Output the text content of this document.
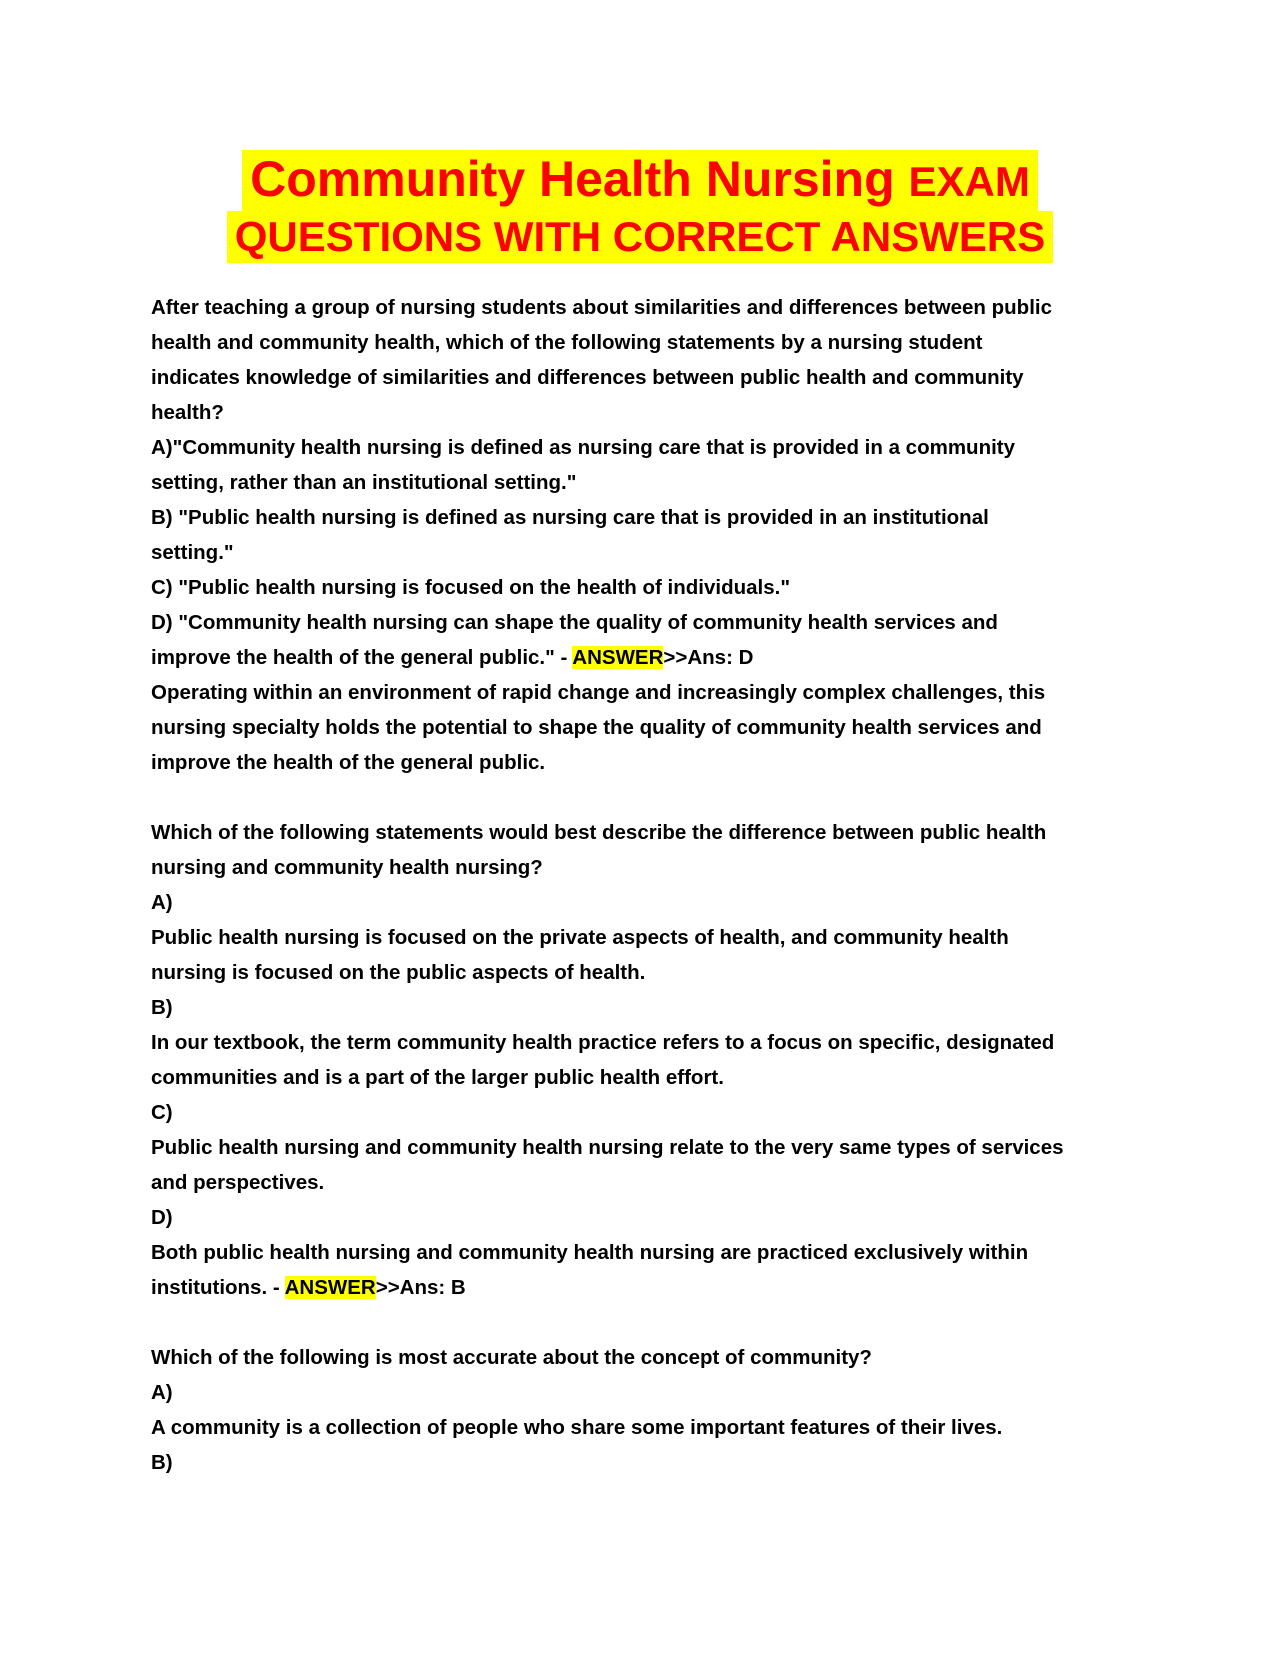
Community Health Nursing EXAM
QUESTIONS WITH CORRECT ANSWERS
After teaching a group of nursing students about similarities and differences between public
health and community health, which of the following statements by a nursing student
indicates knowledge of similarities and differences between public health and community
health?
A)"Community health nursing is defined as nursing care that is provided in a community
setting, rather than an institutional setting."
B) "Public health nursing is defined as nursing care that is provided in an institutional
setting."
C) "Public health nursing is focused on the health of individuals."
D) "Community health nursing can shape the quality of community health services and
improve the health of the general public." - ANSWER>>Ans: D
Operating within an environment of rapid change and increasingly complex challenges, this
nursing specialty holds the potential to shape the quality of community health services and
improve the health of the general public.
Which of the following statements would best describe the difference between public health
nursing and community health nursing?
A)
Public health nursing is focused on the private aspects of health, and community health
nursing is focused on the public aspects of health.
B)
In our textbook, the term community health practice refers to a focus on specific, designated
communities and is a part of the larger public health effort.
C)
Public health nursing and community health nursing relate to the very same types of services
and perspectives.
D)
Both public health nursing and community health nursing are practiced exclusively within
institutions. - ANSWER>>Ans: B
Which of the following is most accurate about the concept of community?
A)
A community is a collection of people who share some important features of their lives.
B)
